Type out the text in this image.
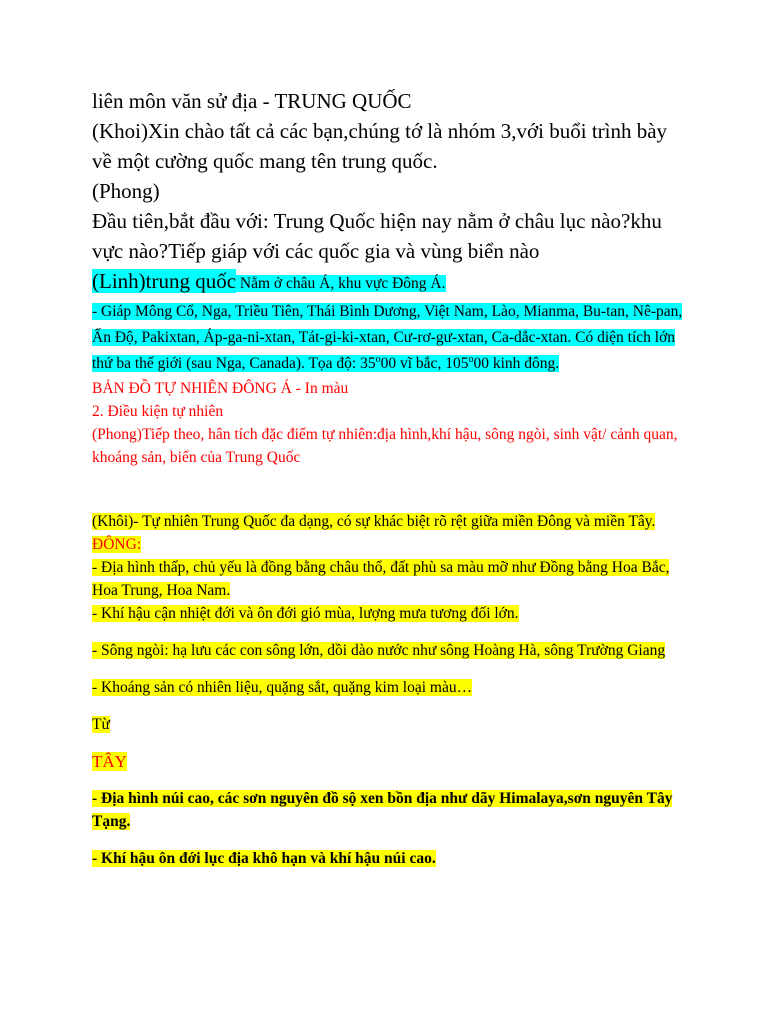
liên môn văn sử địa - TRUNG QUỐC

(Khoi)Xin chào tất cả các bạn,chúng tớ là nhóm 3,với buổi trình bày về một cường quốc mang tên trung quốc.

(Phong)

Đầu tiên,bắt đầu với: Trung Quốc hiện nay nằm ở châu lục nào?khu vực nào?Tiếp giáp với các quốc gia và vùng biển nào

(Linh)trung quốc Nằm ở châu Á, khu vực Đông Á.

- Giáp Mông Cổ, Nga, Triều Tiên, Thái Bình Dương, Việt Nam, Lào, Mianma, Bu-tan, Nê-pan, Ấn Độ, Pakixtan, Áp-ga-ni-xtan, Tát-gi-ki-xtan, Cư-rơ-gư-xtan, Ca-dắc-xtan. Có diện tích lớn thứ ba thế giới (sau Nga, Canada). Tọa độ: 35$^o$00 vĩ bắc, 105$^o$00 kinh đông.

BẢN ĐỒ TỰ NHIÊN ĐÔNG Á - In màu

2. Điều kiện tự nhiên

(Phong)Tiếp theo, hân tích đặc điểm tự nhiên:địa hình,khí hậu, sông ngòi, sinh vật/ cảnh quan, khoáng sản, biển của Trung Quốc

(Khôi)- Tự nhiên Trung Quốc đa dạng, có sự khác biệt rõ rệt giữa miền Đông và miền Tây.

ĐÔNG:

- Địa hình thấp, chủ yếu là đồng bằng châu thổ, đất phù sa màu mỡ như Đồng bằng Hoa Bắc, Hoa Trung, Hoa Nam.

- Khí hậu cận nhiệt đới và ôn đới gió mùa, lượng mưa tương đối lớn.

- Sông ngòi: hạ lưu các con sông lớn, dồi dào nước như sông Hoàng Hà, sông Trường Giang

- Khoáng sản có nhiên liệu, quặng sắt, quặng kim loại màu…

Từ

TÂY

- Địa hình núi cao, các sơn nguyên đồ sộ xen bồn địa như dãy Himalaya,sơn nguyên Tây Tạng.

- Khí hậu ôn đới lục địa khô hạn và khí hậu núi cao.
